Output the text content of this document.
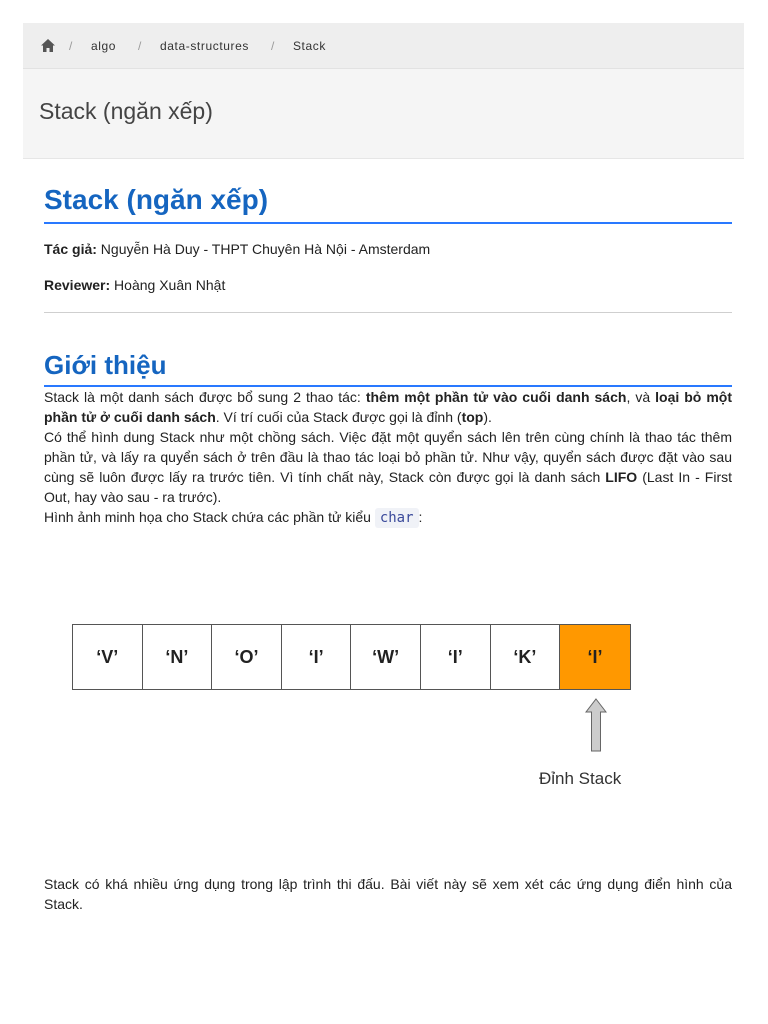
/ algo / data-structures / Stack
Stack (ngăn xếp)
Stack (ngăn xếp)

Tác giả: Nguyễn Hà Duy - THPT Chuyên Hà Nội - Amsterdam

Reviewer: Hoàng Xuân Nhật

Giới thiệu

Stack là một danh sách được bổ sung 2 thao tác: thêm một phần tử vào cuối danh sách, và loại bỏ một phần tử ở cuối danh sách. Ví trí cuối của Stack được gọi là đỉnh (top).

Có thể hình dung Stack như một chồng sách. Việc đặt một quyển sách lên trên cùng chính là thao tác thêm phần tử, và lấy ra quyển sách ở trên đầu là thao tác loại bỏ phần tử. Như vậy, quyển sách được đặt vào sau cùng sẽ luôn được lấy ra trước tiên. Vì tính chất này, Stack còn được gọi là danh sách LIFO (Last In - First Out, hay vào sau - ra trước).

Hình ảnh minh họa cho Stack chứa các phần tử kiểu char :

Stack có khá nhiều ứng dụng trong lập trình thi đấu. Bài viết này sẽ xem xét các ứng dụng điển hình của Stack.

‘V’	‘N’	‘O’	‘I’	‘W’	‘I’	‘K’	‘I’
Đỉnh Stack
